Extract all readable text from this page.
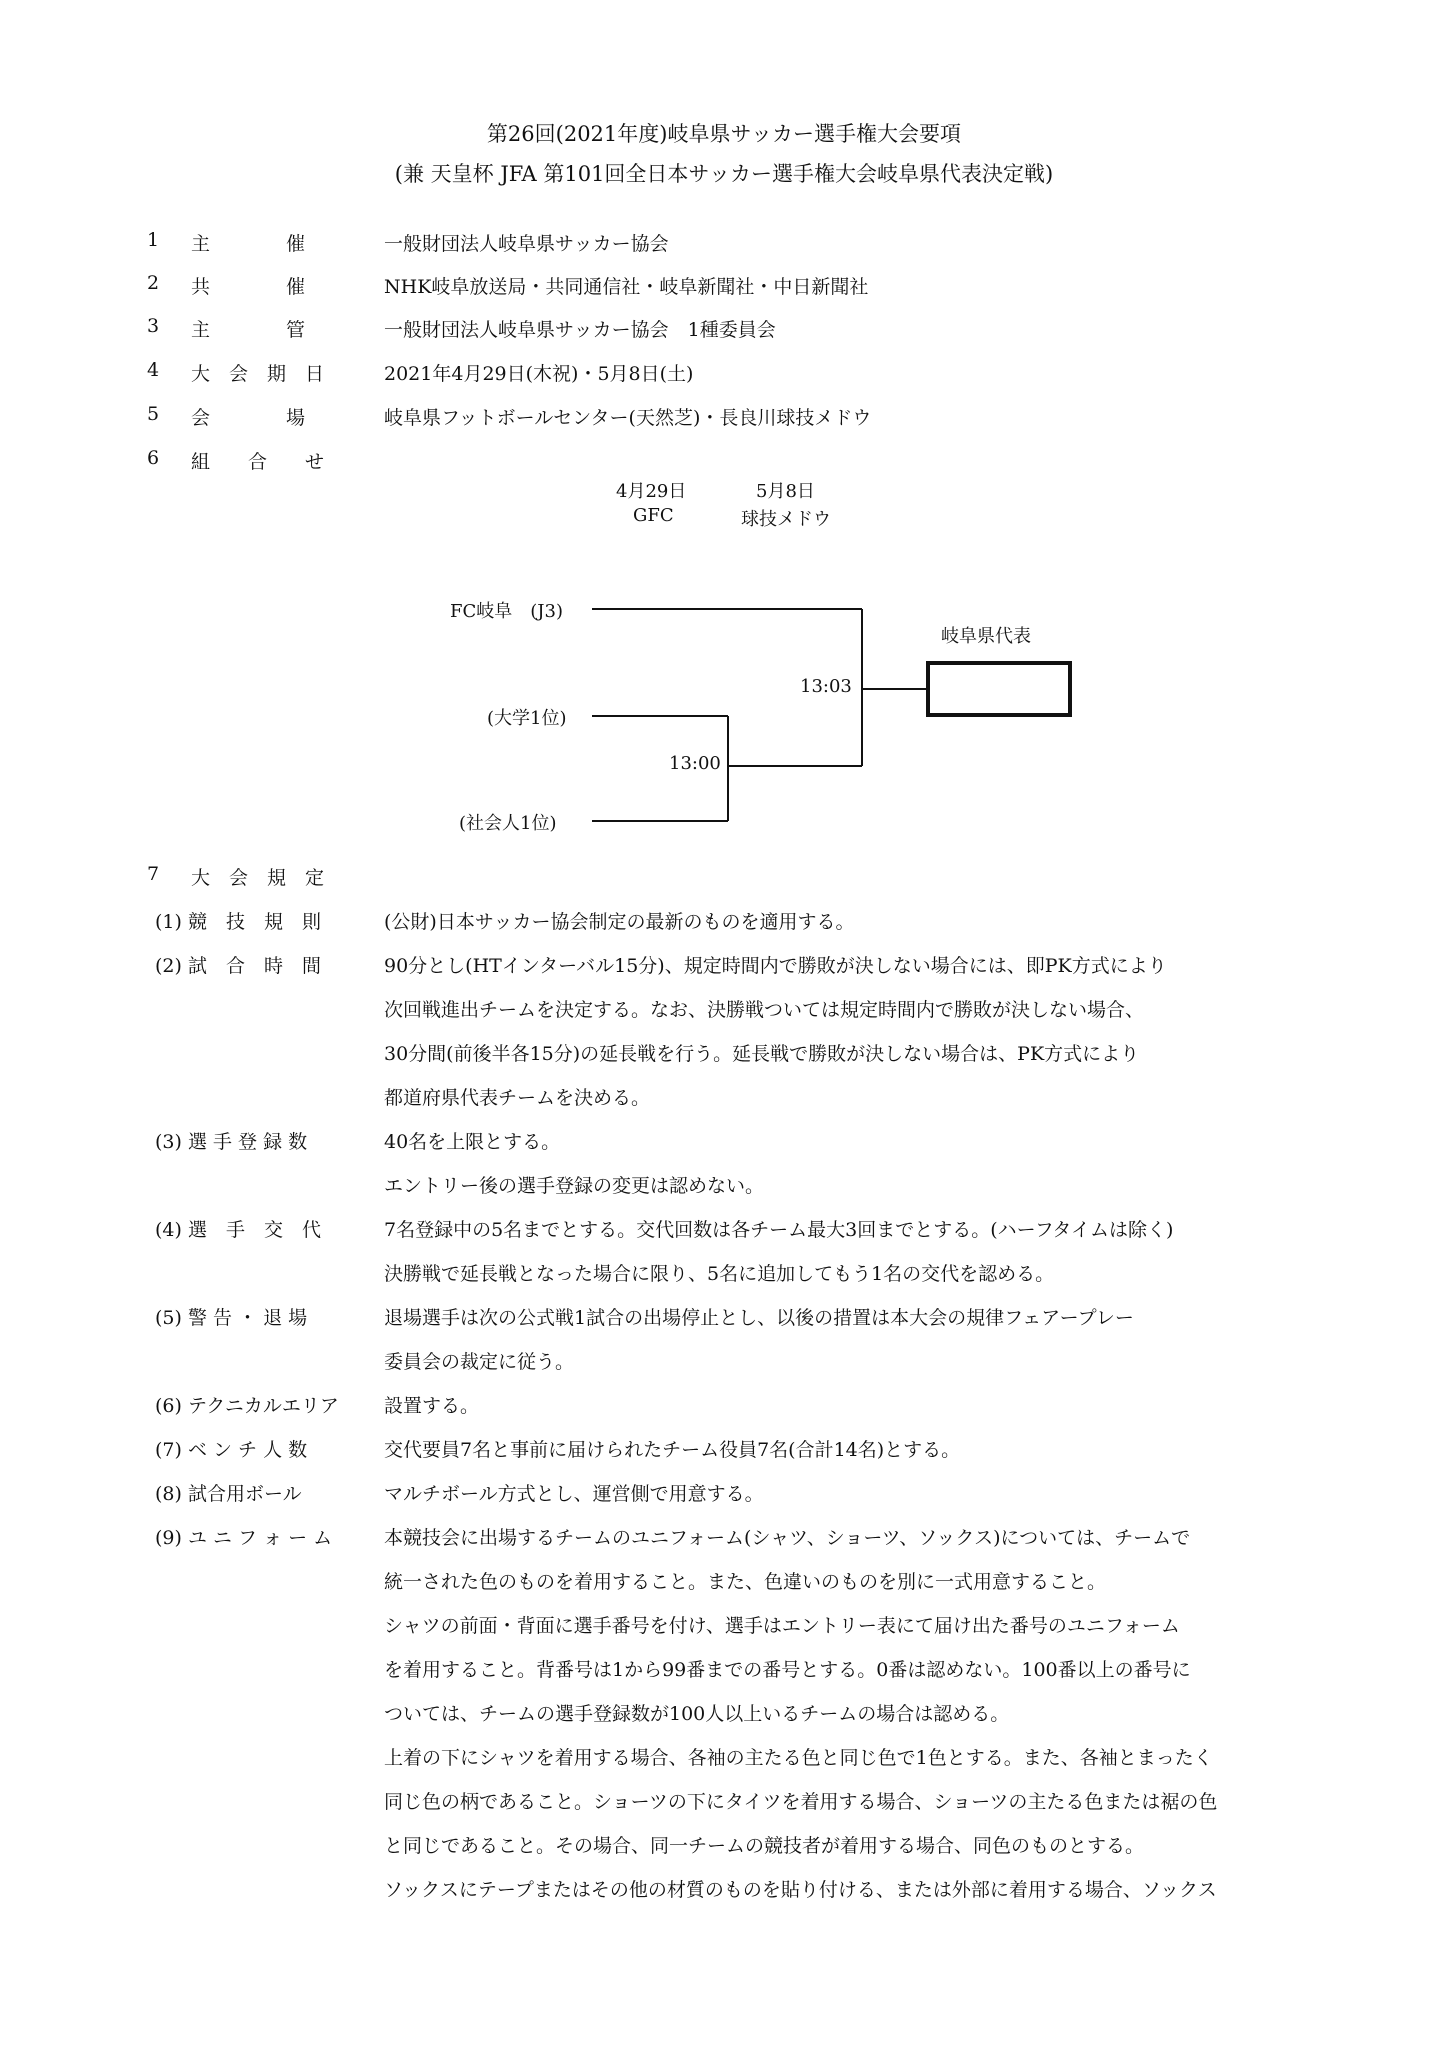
第26回(2021年度)岐阜県サッカー選手権大会要項
(兼 天皇杯 JFA 第101回全日本サッカー選手権大会岐阜県代表決定戦)
1 主　　　　催	一般財団法人岐阜県サッカー協会
2 共　　　　催	NHK岐阜放送局・共同通信社・岐阜新聞社・中日新聞社
3 主　　　　管	一般財団法人岐阜県サッカー協会　1種委員会
4 大　会　期　日	2021年4月29日(木祝)・5月8日(土)
5 会　　　　場	岐阜県フットボールセンター(天然芝)・長良川球技メドウ
6 組　　合　　せ
4月29日
GFC
5月8日
球技メドウ
FC岐阜　(J3)
(大学1位)
(社会人1位)
13:00
13:03
岐阜県代表
7 大　会　規　定
(1) 競　技　規　則	(公財)日本サッカー協会制定の最新のものを適用する。
(2) 試　合　時　間	90分とし(HTインターバル15分)、規定時間内で勝敗が決しない場合には、即PK方式により
次回戦進出チームを決定する。なお、決勝戦ついては規定時間内で勝敗が決しない場合、
30分間(前後半各15分)の延長戦を行う。延長戦で勝敗が決しない場合は、PK方式により
都道府県代表チームを決める。
(3) 選 手 登 録 数	40名を上限とする。
エントリー後の選手登録の変更は認めない。
(4) 選　手　交　代	7名登録中の5名までとする。交代回数は各チーム最大3回までとする。(ハーフタイムは除く)
決勝戦で延長戦となった場合に限り、5名に追加してもう1名の交代を認める。
(5) 警 告 ・ 退 場	退場選手は次の公式戦1試合の出場停止とし、以後の措置は本大会の規律フェアープレー
委員会の裁定に従う。
(6) テクニカルエリア 設置する。
(7) ベ ン チ 人 数	交代要員7名と事前に届けられたチーム役員7名(合計14名)とする。
(8) 試合用ボール	マルチボール方式とし、運営側で用意する。
(9) ユ ニ フ ォ ー ム	本競技会に出場するチームのユニフォーム(シャツ、ショーツ、ソックス)については、チームで
統一された色のものを着用すること。また、色違いのものを別に一式用意すること。
シャツの前面・背面に選手番号を付け、選手はエントリー表にて届け出た番号のユニフォーム
を着用すること。背番号は1から99番までの番号とする。0番は認めない。100番以上の番号に
ついては、チームの選手登録数が100人以上いるチームの場合は認める。
上着の下にシャツを着用する場合、各袖の主たる色と同じ色で1色とする。また、各袖とまったく
同じ色の柄であること。ショーツの下にタイツを着用する場合、ショーツの主たる色または裾の色
と同じであること。その場合、同一チームの競技者が着用する場合、同色のものとする。
ソックスにテープまたはその他の材質のものを貼り付ける、または外部に着用する場合、ソックス
